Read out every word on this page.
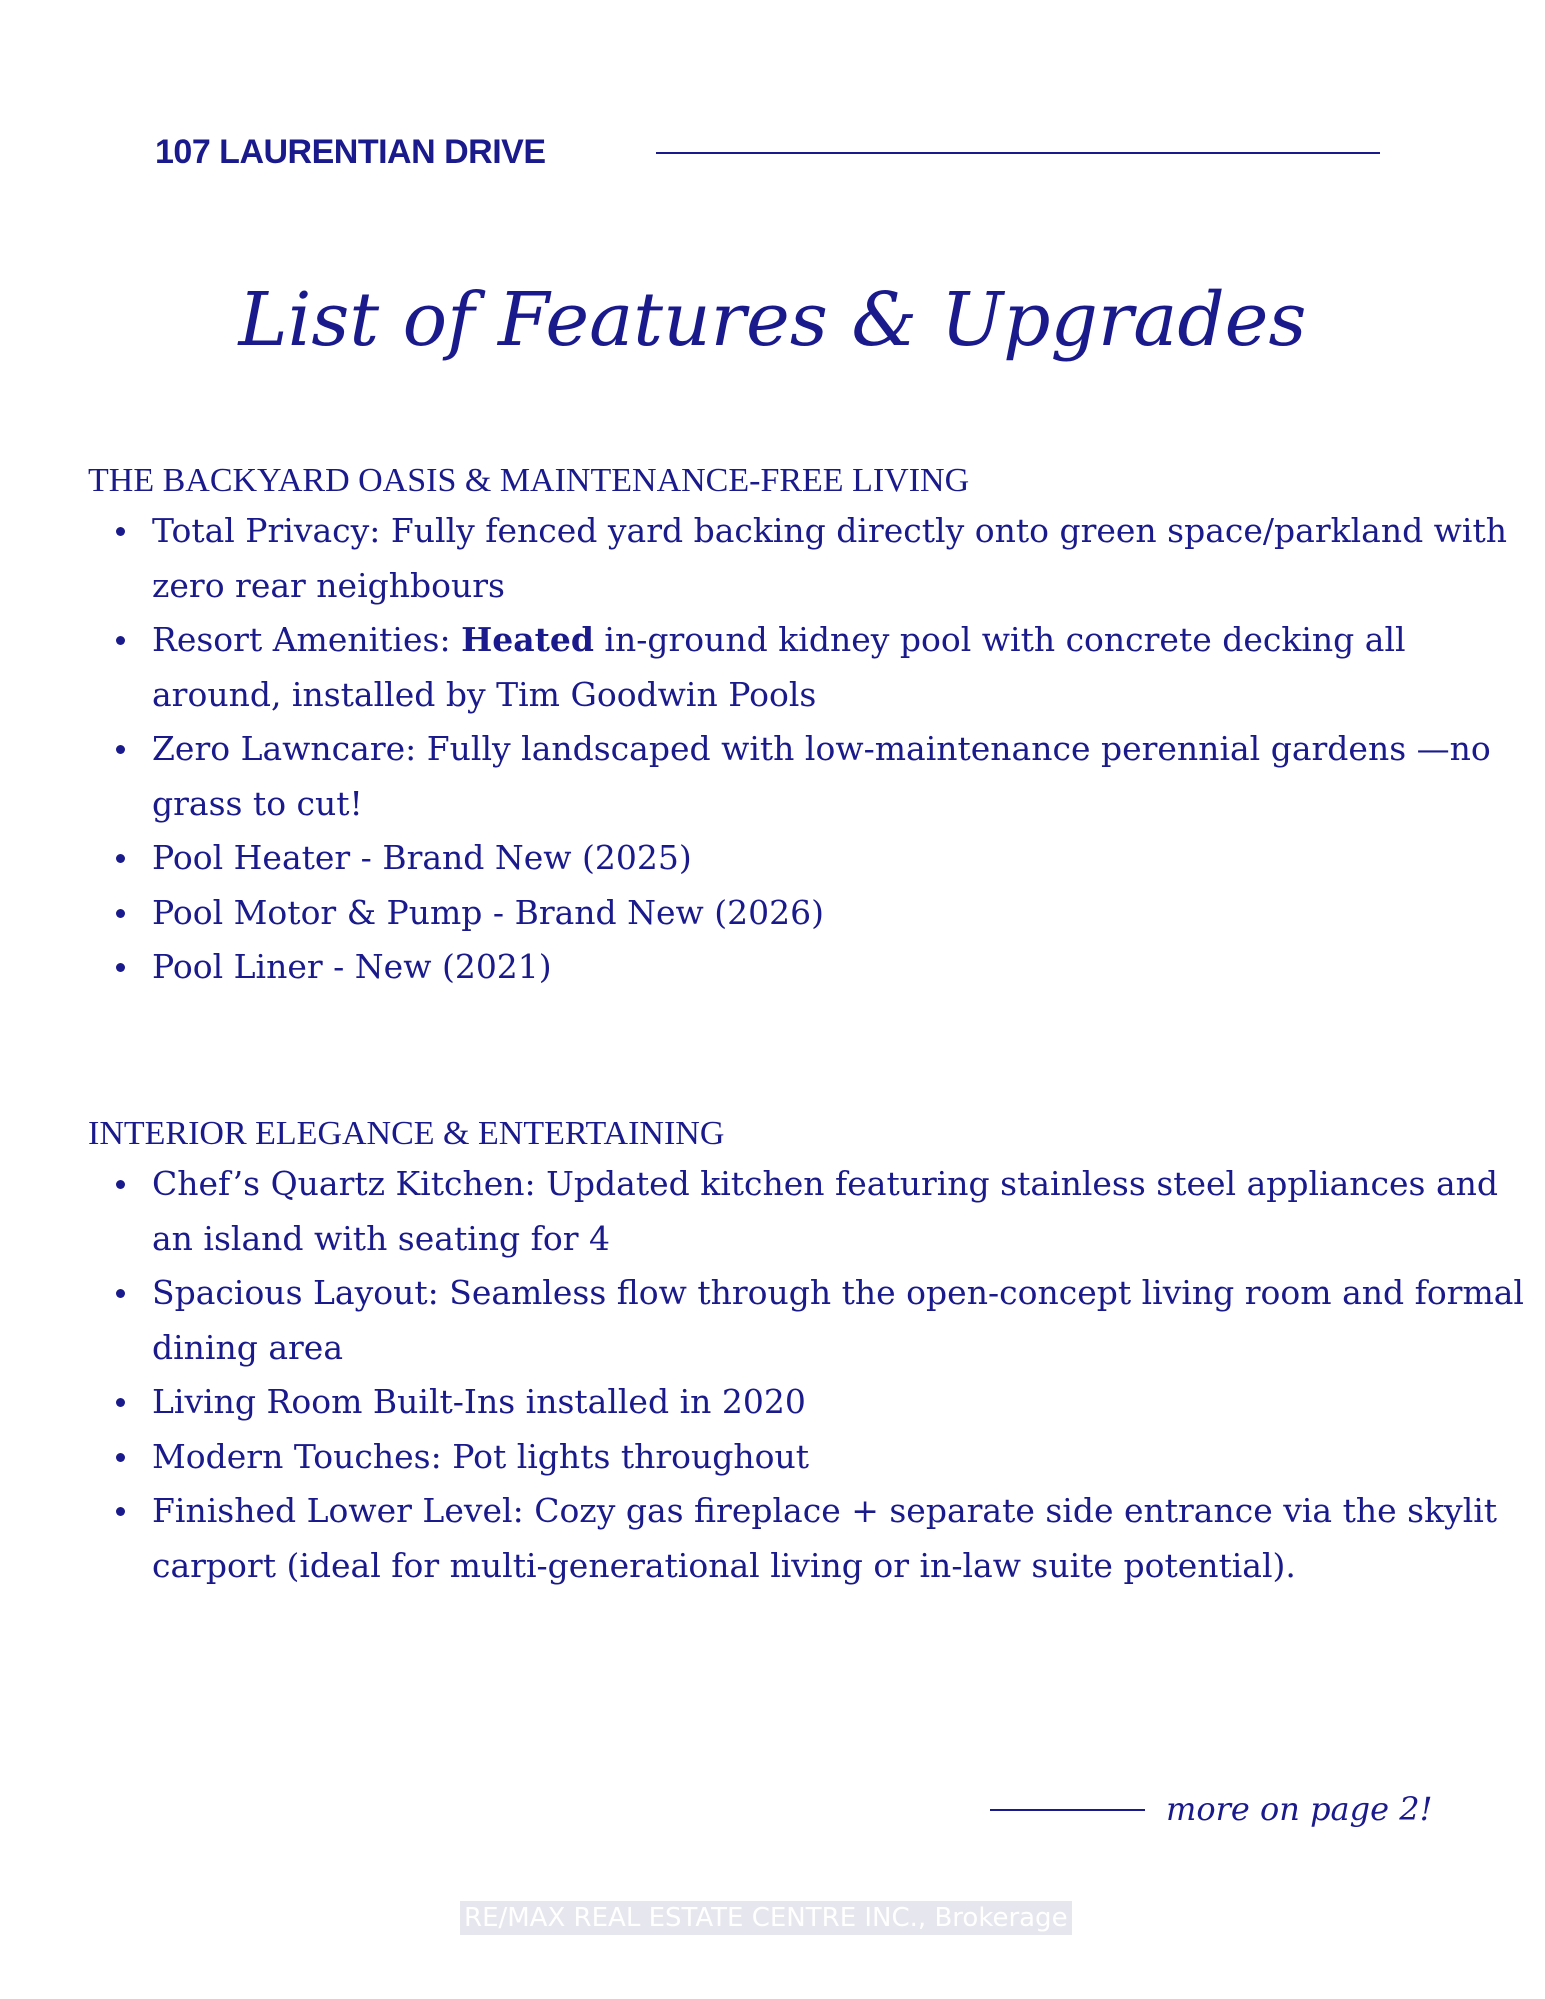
107 LAURENTIAN DRIVE
List of Features & Upgrades
THE BACKYARD OASIS & MAINTENANCE-FREE LIVING
Total Privacy: Fully fenced yard backing directly onto green space/parkland with zero rear neighbours
Resort Amenities: Heated in-ground kidney pool with concrete decking all around, installed by Tim Goodwin Pools
Zero Lawncare: Fully landscaped with low-maintenance perennial gardens —no grass to cut!
Pool Heater - Brand New (2025)
Pool Motor & Pump - Brand New (2026)
Pool Liner - New (2021)
INTERIOR ELEGANCE & ENTERTAINING
Chef’s Quartz Kitchen: Updated kitchen featuring stainless steel appliances and an island with seating for 4
Spacious Layout: Seamless flow through the open-concept living room and formal dining area
Living Room Built-Ins installed in 2020
Modern Touches: Pot lights throughout
Finished Lower Level: Cozy gas fireplace + separate side entrance via the skylit carport (ideal for multi-generational living or in-law suite potential).
more on page 2!
RE/MAX REAL ESTATE CENTRE INC., Brokerage
